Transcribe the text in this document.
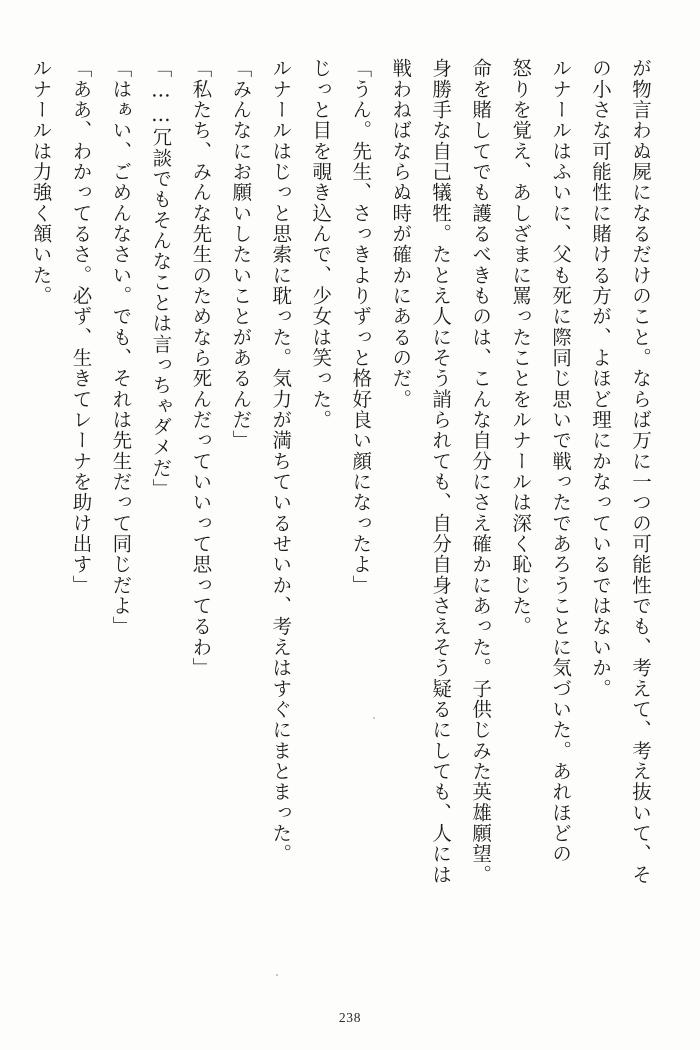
が物言わぬ屍になるだけのこと。ならば万に一つの可能性でも、考えて、考え抜いて、そ

の小さな可能性に賭ける方が、よほど理にかなっているではないか。

ルナールはふいに、父も死に際同じ思いで戦ったであろうことに気づいた。あれほどの

怒りを覚え、あしざまに罵ったことをルナールは深く恥じた。

命を賭してでも護るべきものは、こんな自分にさえ確かにあった。子供じみた英雄願望。

身勝手な自己犠牲。たとえ人にそう誚られても、自分自身さえそう疑るにしても、人には

戦わねばならぬ時が確かにあるのだ。

「うん。先生、さっきよりずっと格好良い顔になったよ」

じっと目を覗き込んで、少女は笑った。

ルナールはじっと思索に耽った。気力が満ちているせいか、考えはすぐにまとまった。

「みんなにお願いしたいことがあるんだ」

「私たち、みんな先生のためなら死んだっていいって思ってるわ」

「……冗談でもそんなことは言っちゃダメだ」

「はぁい、ごめんなさい。でも、それは先生だって同じだよ」

「ああ、わかってるさ。必ず、生きてレーナを助け出す」

ルナールは力強く頷いた。

238
